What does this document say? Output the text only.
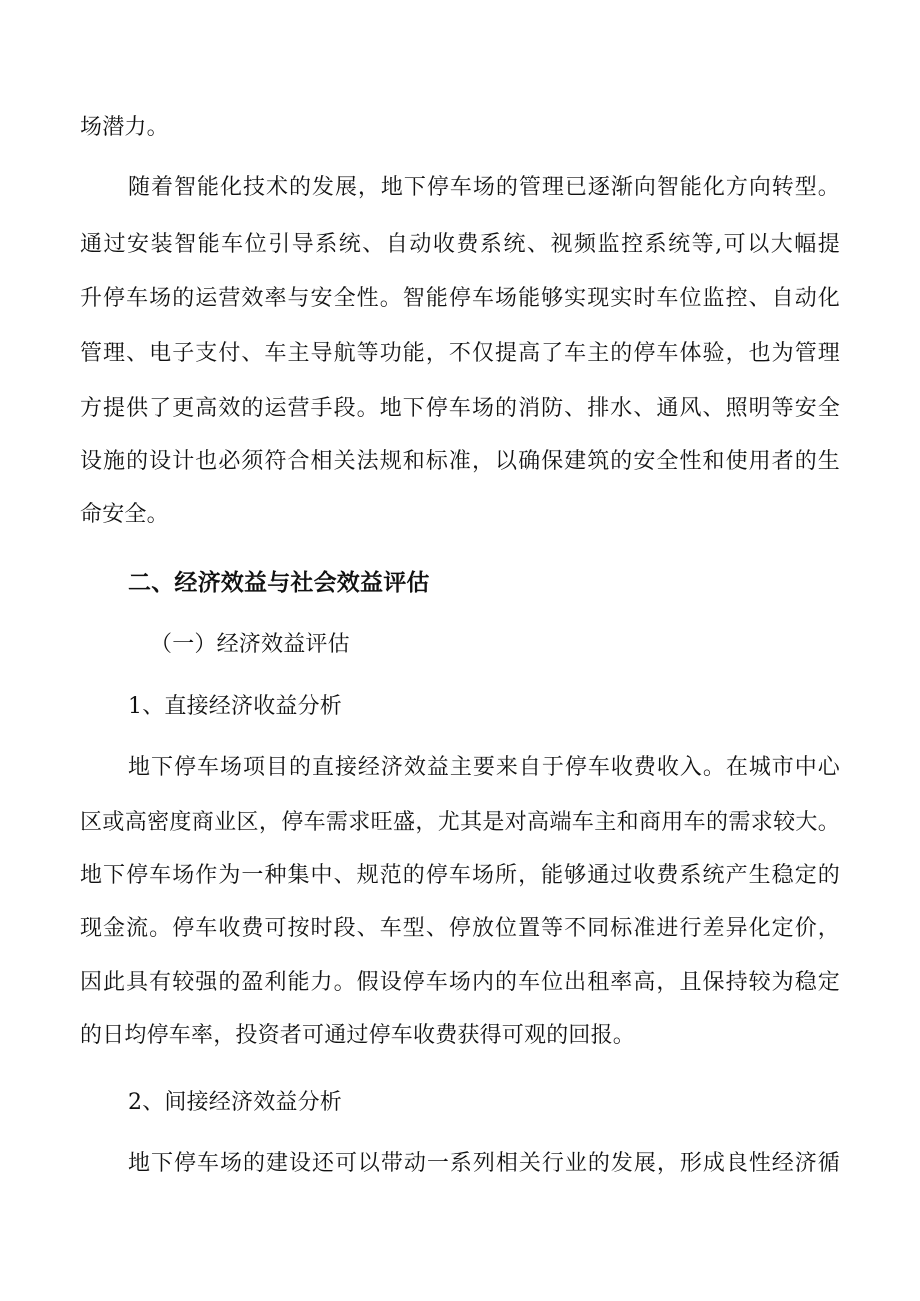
场潜力。
随着智能化技术的发展，地下停车场的管理已逐渐向智能化方向转型。
通过安装智能车位引导系统、自动收费系统、视频监控系统等,可以大幅提
升停车场的运营效率与安全性。智能停车场能够实现实时车位监控、自动化
管理、电子支付、车主导航等功能，不仅提高了车主的停车体验，也为管理
方提供了更高效的运营手段。地下停车场的消防、排水、通风、照明等安全
设施的设计也必须符合相关法规和标准，以确保建筑的安全性和使用者的生
命安全。
二、经济效益与社会效益评估
（一）经济效益评估
1、直接经济收益分析
地下停车场项目的直接经济效益主要来自于停车收费收入。在城市中心
区或高密度商业区，停车需求旺盛，尤其是对高端车主和商用车的需求较大。
地下停车场作为一种集中、规范的停车场所，能够通过收费系统产生稳定的
现金流。停车收费可按时段、车型、停放位置等不同标准进行差异化定价，
因此具有较强的盈利能力。假设停车场内的车位出租率高，且保持较为稳定
的日均停车率，投资者可通过停车收费获得可观的回报。
2、间接经济效益分析
地下停车场的建设还可以带动一系列相关行业的发展，形成良性经济循
